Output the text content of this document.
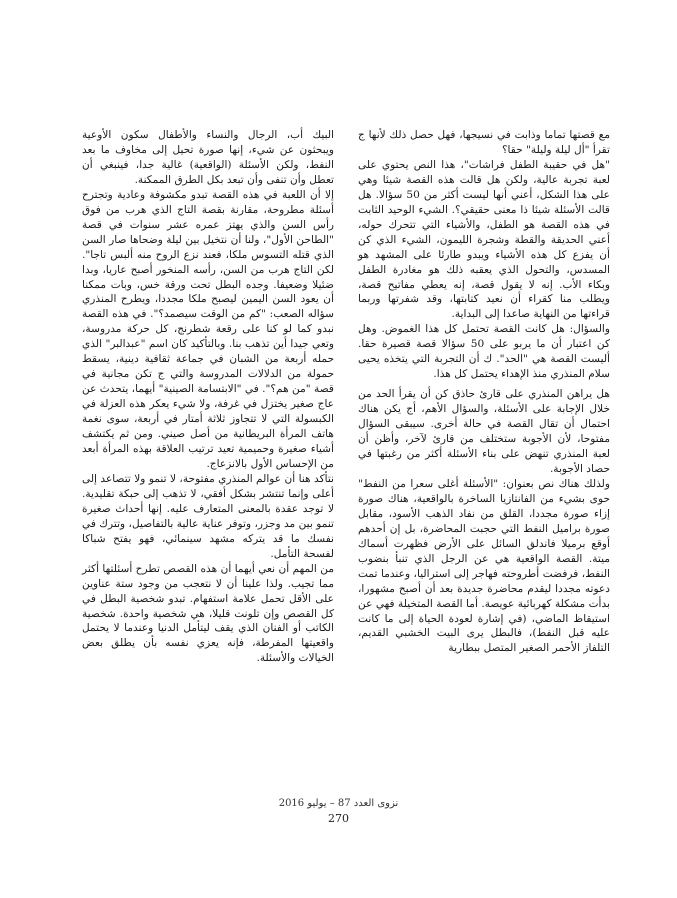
مع قصتها تماما وذابت في نسيجها، فهل حصل ذلك لأنها ج تقرأ "أل ليلة وليلة" حقا؟

"هل في حقيبة الطفل فراشات"، هذا النص يحتوي على لعبة تجربة عالية، ولكن هل قالت هذه القصة شيئا وهي على هذا الشكل، أعني أنها ليست أكثر من 50 سؤالا. هل قالت الأسئلة شيئا ذا معنى حقيقي؟. الشيء الوحيد الثابت في هذه القصة هو الطفل، والأشياء التي تتحرك حوله، أعني الحديقة والقطة وشجرة الليمون، الشيء الذي كن أن يفزع كل هذه الأشياء ويبدو طارئا على المشهد هو المسدس، والتحول الذي يعقبه ذلك هو مغادرة الطفل وبكاء الأب. إنه لا يقول قصة، إنه يعطي مفاتيح قصة، ويطلب منا كقراء أن نعيد كتابتها، وقد شفرتها وربما قراءتها من النهاية صاعدا إلى البداية.

والسؤال: هل كانت القصة تحتمل كل هذا الغموض. وهل كن اعتبار أن ما يربو على 50 سؤالا قصة قصيرة حقا. أليست القصة هي "الحد". ك أن التجربة التي يتخذه يحيى سلام المنذري منذ الإهداء يحتمل كل هذا.

هل يراهن المنذري على قارئ حاذق كن أن يقرأ الحد من خلال الإجابة على الأسئلة، والسؤال الأهم، أج يكن هناك احتمال أن تقال القصة في حالة أخرى. سيبقى السؤال مفتوحا، لأن الأجوبة ستختلف من قارئ لآخر، وأظن أن لعبة المنذري تنهض على بناء الأسئلة أكثر من رغبتها في حصاد الأجوبة.

ولذلك هناك نص بعنوان: "الأسئلة أغلى سعرا من النفط" حوى بشيء من الفانتازيا الساخرة بالواقعية، هناك صورة إزاء صورة مجددا، القلق من نفاد الذهب الأسود، مقابل صورة براميل النفط التي حجبت المحاضرة، بل إن أحدهم أوقع برميلا فاندلق السائل على الأرض فظهرت أسماك ميتة. القصة الواقعية هي عن الرجل الذي تنبأ بنضوب النفط، فرفضت أطروحته فهاجر إلى استراليا، وعندما تمت دعوته مجددا ليقدم محاضرة جديدة بعد أن أصبح مشهورا، بدأت مشكلة كهربائية عويصة. أما القصة المتخيلة فهي عن استيقاظ الماضي، (في إشارة لعودة الحياة إلى ما كانت عليه قبل النفط)، فالبطل يرى البيت الخشبي القديم، التلفاز الأحمر الصغير المتصل ببطارية

البيك أب، الرجال والنساء والأطفال سكون الأوعية ويبحثون عن شيء، إنها صورة تحيل إلى مخاوف ما بعد النفط، ولكن الأسئلة (الواقعية) غالية جدا، فينبغي أن تعطل وأن تنفى وأن تبعد بكل الطرق الممكنة.

إلا أن اللعبة في هذه القصة تبدو مكشوفة وعادية وتجترح أسئلة مطروحة، مقارنة بقصة التاج الذي هرب من فوق رأس السن والذي يهتز عمره عشر سنوات في قصة "الطاحن الأول"، ولنا أن نتخيل بين ليلة وضحاها صار السن الذي قتله التسوس ملكا، فعند نزع الروح منه ألبس تاجا". لكن التاج هرب من السن، رأسه المنخور أصبح عاريا، وبدا ضئيلا وضعيفا. وجده البطل تحت ورقة خس، وبات ممكنا أن يعود السن اليمين ليصبح ملكا مجددا، ويطرح المنذري سؤاله الصعب: "كم من الوقت سيصمد؟". في هذه القصة نبدو كما لو كنا على رقعة شطرنج، كل حركة مدروسة، وتعي جيدا أين تذهب بنا. وبالتأكيد كان اسم "عبدالبر" الذي حمله أربعة من الشبان في جماعة ثقافية دينية، يسقط حمولة من الدلالات المدروسة والتي ج تكن مجانية في قصة "من هم؟". في "الابتسامة الصينية" أيهما، يتحدث عن عاج صغير يختزل في غرفة، ولا شيء يعكر هذه العزلة في الكبسولة التي لا تتجاوز ثلاثة أمتار في أربعة، سوى نغمة هاتف المرأة البريطانية من أصل صيني. ومن ثم يكتشف أشياء صغيرة وحميمية تعيد ترتيب العلاقة بهذه المرأة أبعد من الإحساس الأول بالانزعاج.

نتأكد هنا أن عوالم المنذري مفتوحة، لا تنمو ولا تتصاعد إلى أعلى وإنما تنتشر بشكل أفقي، لا تذهب إلى حبكة تقليدية. لا توجد عقدة بالمعنى المتعارف عليه. إنها أحداث صغيرة تنمو بين مد وجزر، وتوفر عناية عالية بالتفاصيل، وتترك في نفسك ما قد يتركه مشهد سينمائي، فهو يفتح شباكا لفسحة التأمل.

من المهم أن نعي أيهما أن هذه القصص تطرح أسئلتها أكثر مما تجيب. ولذا علينا أن لا نتعجب من وجود ستة عناوين على الأقل تحمل علامة استفهام. تبدو شخصية البطل في كل القصص وإن تلونت قليلا، هي شخصية واحدة. شخصية الكاتب أو الفنان الذي يقف ليتأمل الدنيا وعندما لا يحتمل واقعيتها المفرطة، فإنه يعزي نفسه بأن يطلق بعض الخيالات والأسئلة.

نزوى العدد 87 – يوليو 2016
270
